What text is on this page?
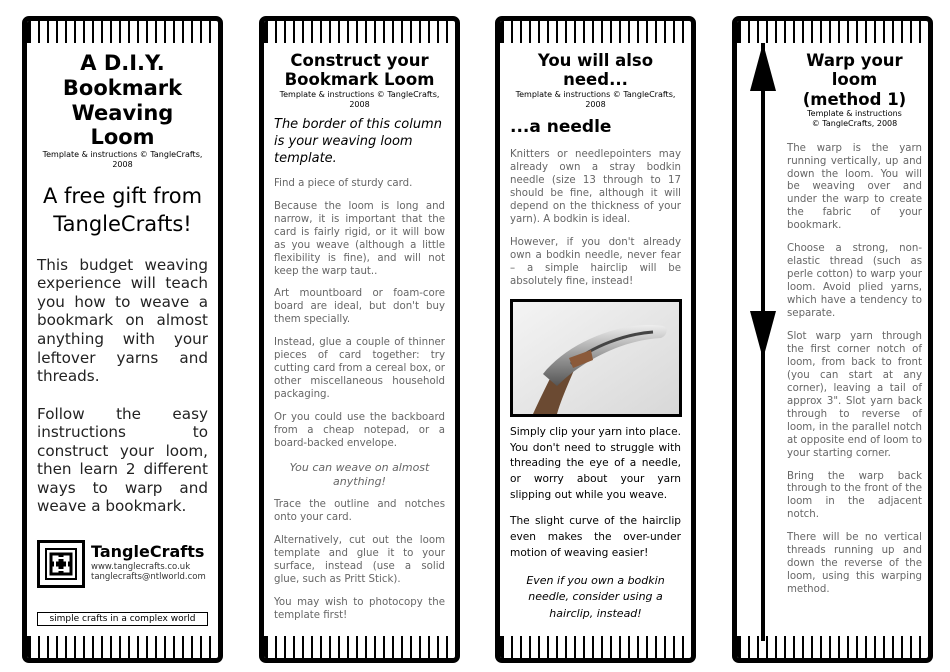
A D.I.Y.
Bookmark
Weaving Loom
Template & instructions © TangleCrafts, 2008
A free gift from
TangleCrafts!

This budget weaving experience will teach you how to weave a bookmark on almost anything with your leftover yarns and threads.

Follow the easy instructions to construct your loom, then learn 2 different ways to warp and weave a bookmark.

TangleCrafts
www.tanglecrafts.co.uk
tanglecrafts@ntlworld.com
simple crafts in a complex world
Construct your
Bookmark Loom
Template & instructions © TangleCrafts, 2008
The border of this column is your weaving loom template.

Find a piece of sturdy card.

Because the loom is long and narrow, it is important that the card is fairly rigid, or it will bow as you weave (although a little flexibility is fine), and will not keep the warp taut..

Art mountboard or foam-core board are ideal, but don't buy them specially.

Instead, glue a couple of thinner pieces of card together: try cutting card from a cereal box, or other miscellaneous household packaging.

Or you could use the backboard from a cheap notepad, or a board-backed envelope.

You can weave on almost anything!

Trace the outline and notches onto your card.

Alternatively, cut out the loom template and glue it to your surface, instead (use a solid glue, such as Pritt Stick).

You may wish to photocopy the template first!

You will also
need...
Template & instructions © TangleCrafts, 2008
...a needle

Knitters or needlepointers may already own a stray bodkin needle (size 13 through to 17 should be fine, although it will depend on the thickness of your yarn). A bodkin is ideal.

However, if you don't already own a bodkin needle, never fear – a simple hairclip will be absolutely fine, instead!

Simply clip your yarn into place. You don't need to struggle with threading the eye of a needle, or worry about your yarn slipping out while you weave.

The slight curve of the hairclip even makes the over-under motion of weaving easier!

Even if you own a bodkin needle, consider using a hairclip, instead!

Warp your
loom
(method 1)
Template & instructions
© TangleCrafts, 2008

The warp is the yarn running vertically, up and down the loom. You will be weaving over and under the warp to create the fabric of your bookmark.

Choose a strong, non-elastic thread (such as perle cotton) to warp your loom. Avoid plied yarns, which have a tendency to separate.

Slot warp yarn through the first corner notch of loom, from back to front (you can start at any corner), leaving a tail of approx 3". Slot yarn back through to reverse of loom, in the parallel notch at opposite end of loom to your starting corner.

Bring the warp back through to the front of the loom in the adjacent notch.

There will be no vertical threads running up and down the reverse of the loom, using this warping method.
